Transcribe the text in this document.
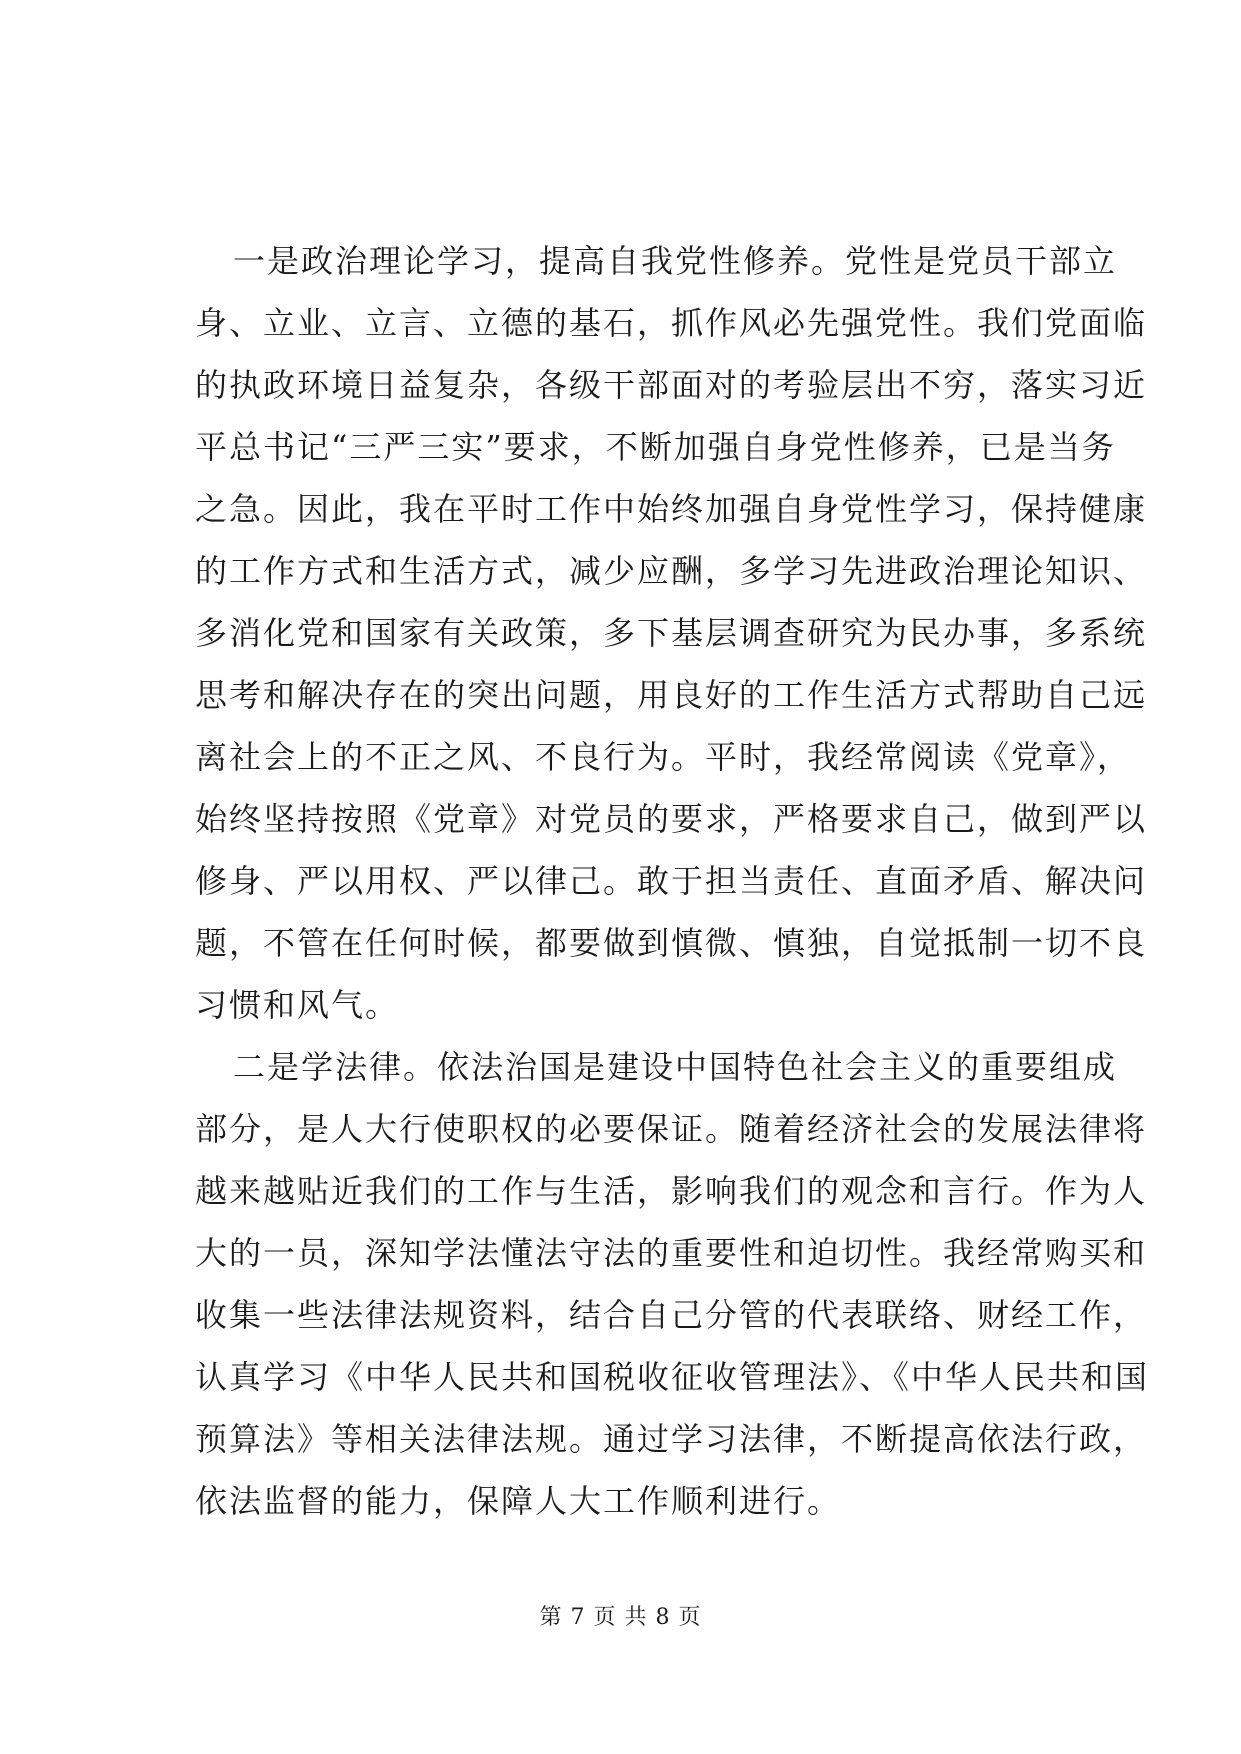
一是政治理论学习，提高自我党性修养。党性是党员干部立
身、立业、立言、立德的基石，抓作风必先强党性。我们党面临
的执政环境日益复杂，各级干部面对的考验层出不穷，落实习近
平总书记“三严三实”要求，不断加强自身党性修养，已是当务
之急。因此，我在平时工作中始终加强自身党性学习，保持健康
的工作方式和生活方式，减少应酬，多学习先进政治理论知识、
多消化党和国家有关政策，多下基层调查研究为民办事，多系统
思考和解决存在的突出问题，用良好的工作生活方式帮助自己远
离社会上的不正之风、不良行为。平时，我经常阅读《党章》，
始终坚持按照《党章》对党员的要求，严格要求自己，做到严以
修身、严以用权、严以律己。敢于担当责任、直面矛盾、解决问
题，不管在任何时候，都要做到慎微、慎独，自觉抵制一切不良
习惯和风气。
二是学法律。依法治国是建设中国特色社会主义的重要组成
部分，是人大行使职权的必要保证。随着经济社会的发展法律将
越来越贴近我们的工作与生活，影响我们的观念和言行。作为人
大的一员，深知学法懂法守法的重要性和迫切性。我经常购买和
收集一些法律法规资料，结合自己分管的代表联络、财经工作，
认真学习《中华人民共和国税收征收管理法》、《中华人民共和国
预算法》等相关法律法规。通过学习法律，不断提高依法行政，
依法监督的能力，保障人大工作顺利进行。
第 7 页 共 8 页
